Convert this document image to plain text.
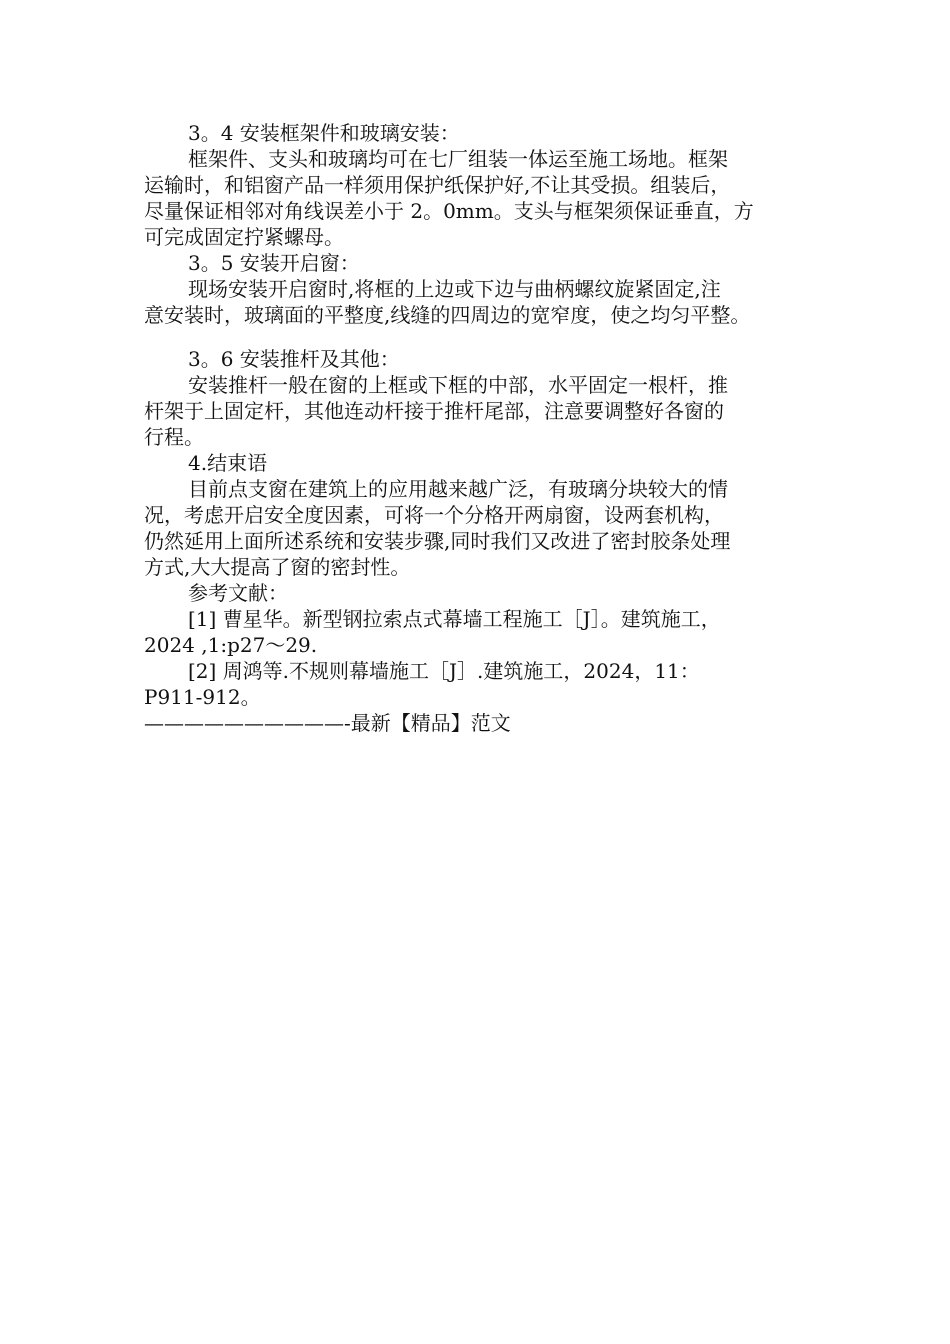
3。4 安装框架件和玻璃安装：
框架件、支头和玻璃均可在七厂组装一体运至施工场地。框架
运输时，和铝窗产品一样须用保护纸保护好,不让其受损。组装后，
尽量保证相邻对角线误差小于 2。0mm。支头与框架须保证垂直，方
可完成固定拧紧螺母。
3。5 安装开启窗：
现场安装开启窗时,将框的上边或下边与曲柄螺纹旋紧固定,注
意安装时，玻璃面的平整度,线缝的四周边的宽窄度，使之均匀平整。
3。6 安装推杆及其他：
安装推杆一般在窗的上框或下框的中部，水平固定一根杆，推
杆架于上固定杆，其他连动杆接于推杆尾部，注意要调整好各窗的
行程。
4.结束语
目前点支窗在建筑上的应用越来越广泛，有玻璃分块较大的情
况，考虑开启安全度因素，可将一个分格开两扇窗，设两套机构，
仍然延用上面所述系统和安装步骤,同时我们又改进了密封胶条处理
方式,大大提高了窗的密封性。
参考文献：
[1] 曹星华。新型钢拉索点式幕墙工程施工［J］。建筑施工，
2024 ,1:p27～29.
[2] 周鸿等.不规则幕墙施工［J］.建筑施工，2024，11：
P911-912。
——————————-最新【精品】范文
